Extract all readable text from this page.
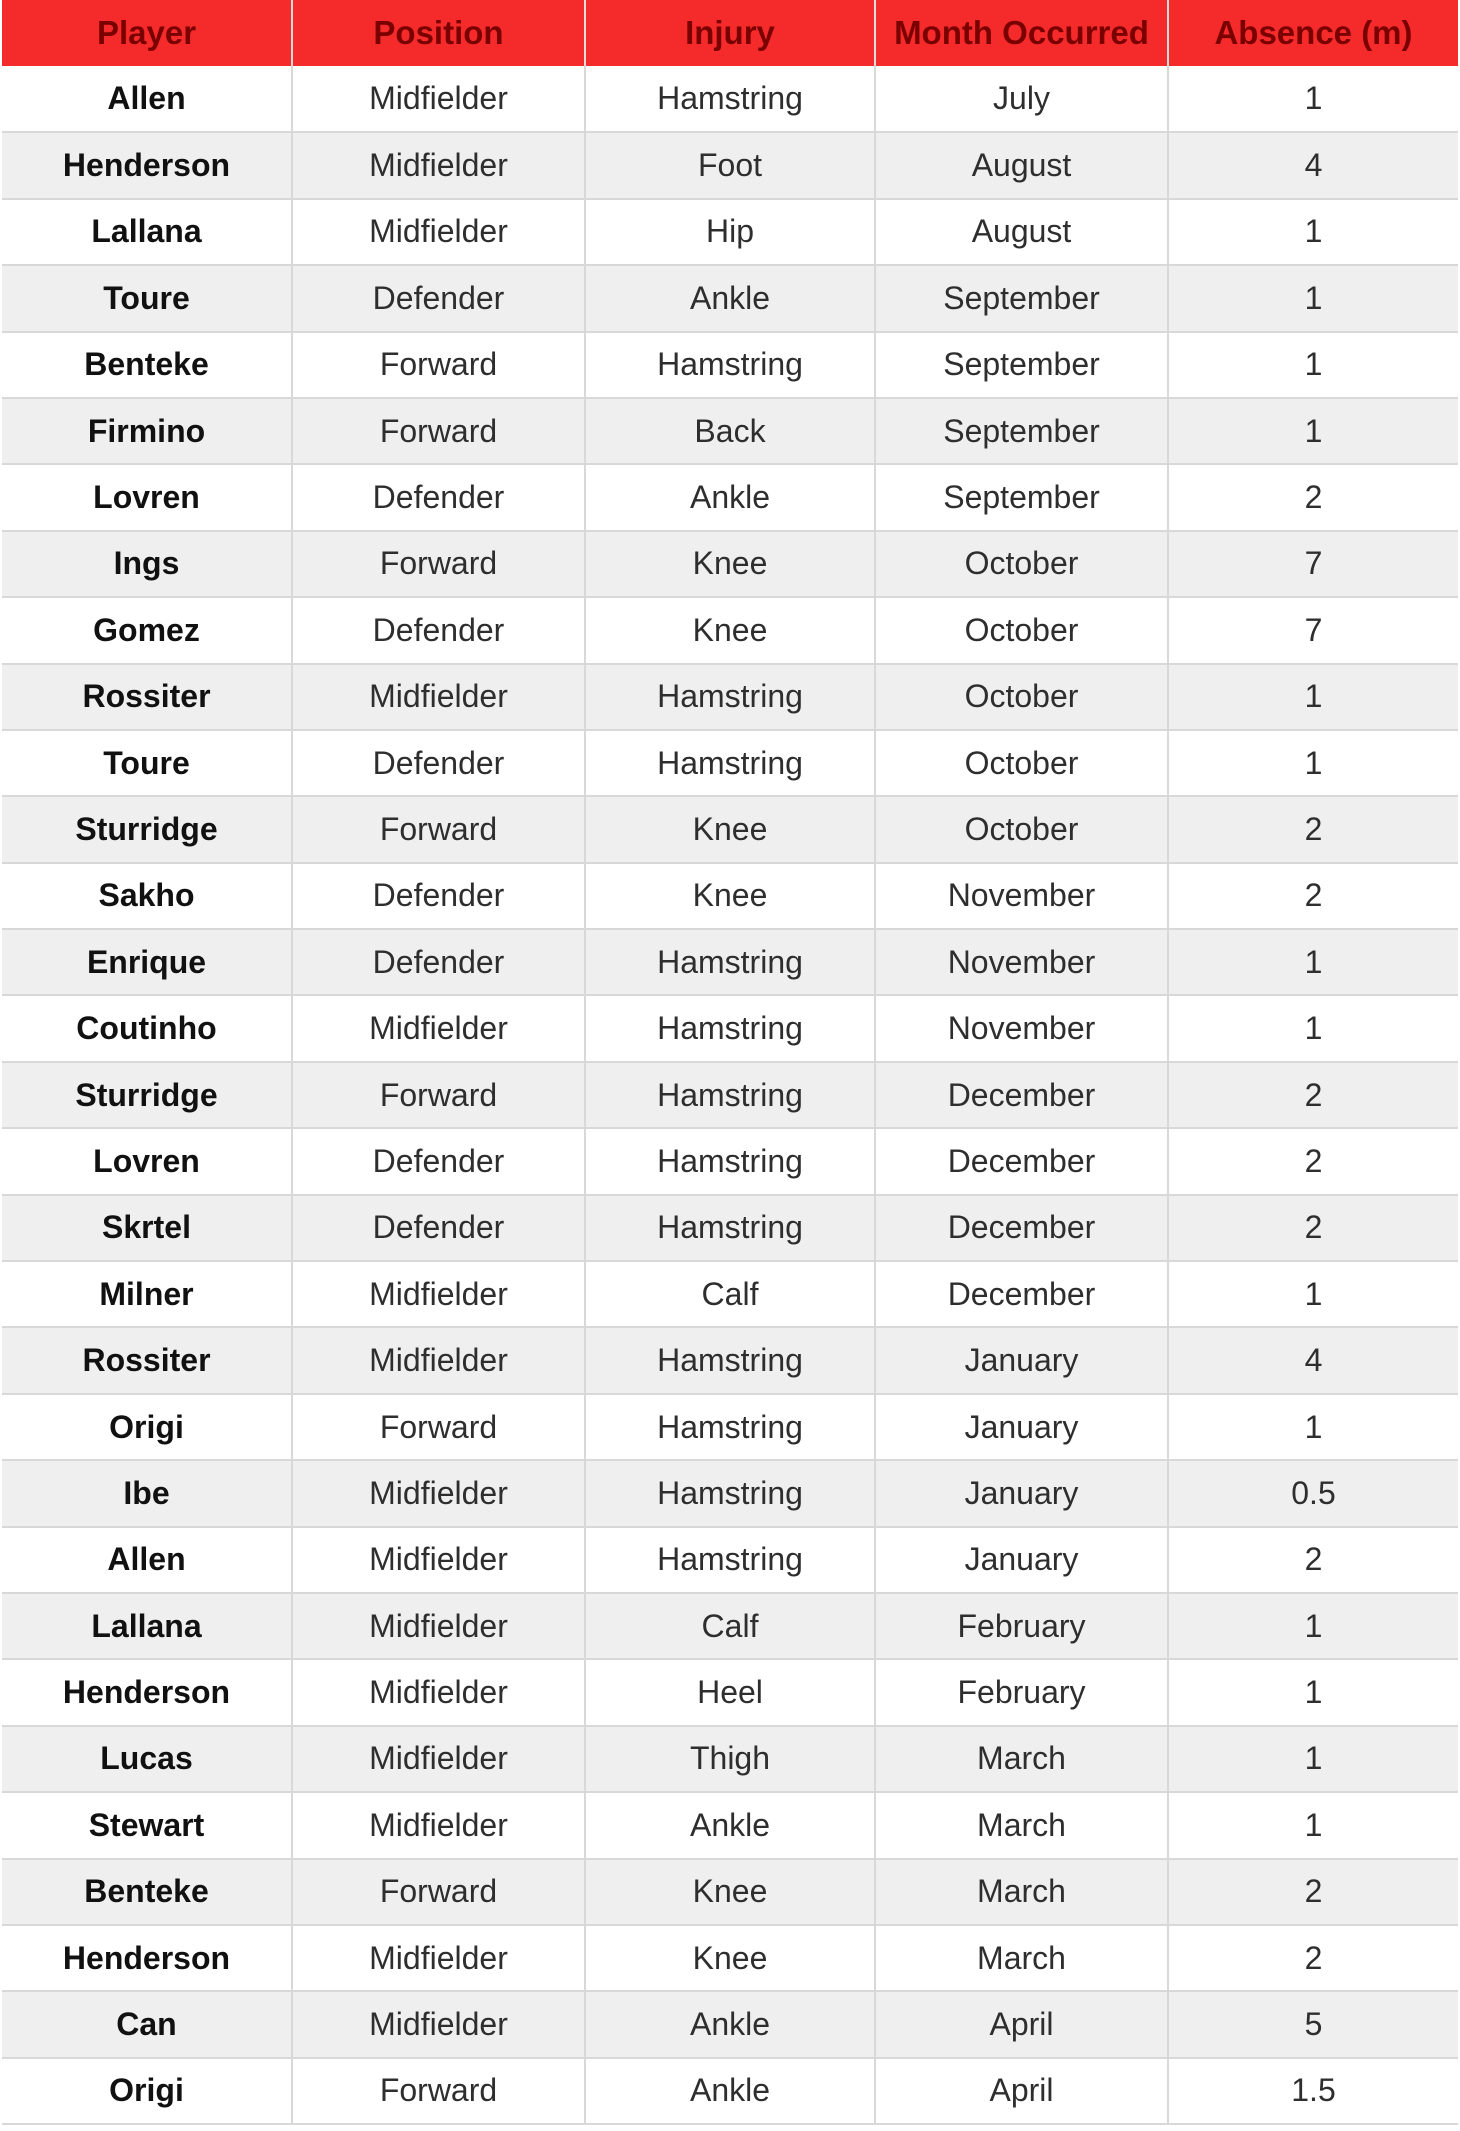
Player	Position	Injury	Month Occurred	Absence (m)
Allen	Midfielder	Hamstring	July	1
Henderson	Midfielder	Foot	August	4
Lallana	Midfielder	Hip	August	1
Toure	Defender	Ankle	September	1
Benteke	Forward	Hamstring	September	1
Firmino	Forward	Back	September	1
Lovren	Defender	Ankle	September	2
Ings	Forward	Knee	October	7
Gomez	Defender	Knee	October	7
Rossiter	Midfielder	Hamstring	October	1
Toure	Defender	Hamstring	October	1
Sturridge	Forward	Knee	October	2
Sakho	Defender	Knee	November	2
Enrique	Defender	Hamstring	November	1
Coutinho	Midfielder	Hamstring	November	1
Sturridge	Forward	Hamstring	December	2
Lovren	Defender	Hamstring	December	2
Skrtel	Defender	Hamstring	December	2
Milner	Midfielder	Calf	December	1
Rossiter	Midfielder	Hamstring	January	4
Origi	Forward	Hamstring	January	1
Ibe	Midfielder	Hamstring	January	0.5
Allen	Midfielder	Hamstring	January	2
Lallana	Midfielder	Calf	February	1
Henderson	Midfielder	Heel	February	1
Lucas	Midfielder	Thigh	March	1
Stewart	Midfielder	Ankle	March	1
Benteke	Forward	Knee	March	2
Henderson	Midfielder	Knee	March	2
Can	Midfielder	Ankle	April	5
Origi	Forward	Ankle	April	1.5
